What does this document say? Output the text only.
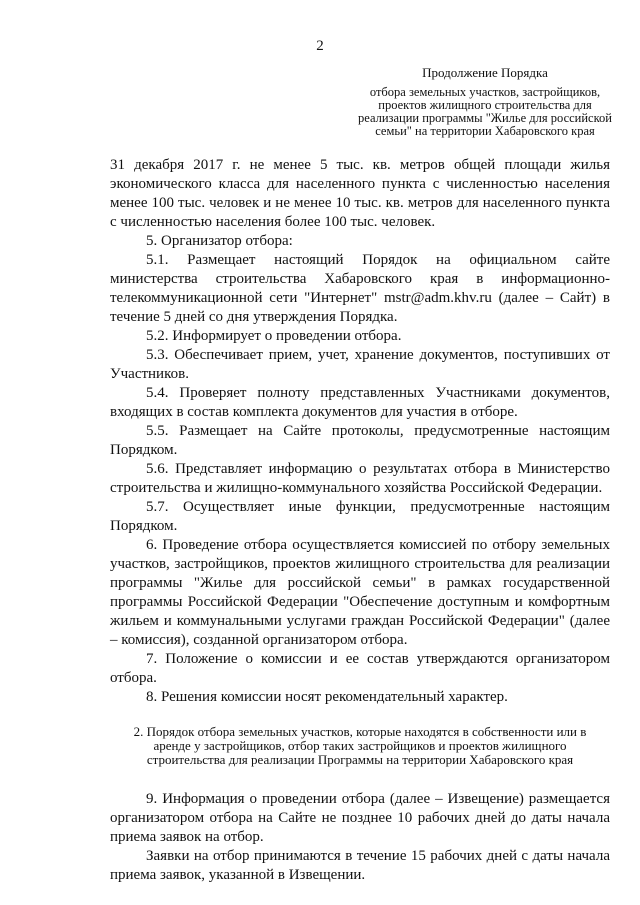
2
Продолжение Порядка
отбора земельных участков, застройщиков, проектов жилищного строительства для реализации программы "Жилье для российской семьи" на территории Хабаровского края

31 декабря 2017 г. не менее 5 тыс. кв. метров общей площади жилья экономического класса для населенного пункта с численностью населения менее 100 тыс. человек и не менее 10 тыс. кв. метров для населенного пункта с численностью населения более 100 тыс. человек.

5. Организатор отбора:

5.1. Размещает настоящий Порядок на официальном сайте министерства строительства Хабаровского края в информационно-телекоммуникационной сети "Интернет" mstr@adm.khv.ru (далее – Сайт) в течение 5 дней со дня утверждения Порядка.

5.2. Информирует о проведении отбора.

5.3. Обеспечивает прием, учет, хранение документов, поступивших от Участников.

5.4. Проверяет полноту представленных Участниками документов, входящих в состав комплекта документов для участия в отборе.

5.5. Размещает на Сайте протоколы, предусмотренные настоящим Порядком.

5.6. Представляет информацию о результатах отбора в Министерство строительства и жилищно-коммунального хозяйства Российской Федерации.

5.7. Осуществляет иные функции, предусмотренные настоящим Порядком.

6. Проведение отбора осуществляется комиссией по отбору земельных участков, застройщиков, проектов жилищного строительства для реализации программы "Жилье для российской семьи" в рамках государственной программы Российской Федерации "Обеспечение доступным и комфортным жильем и коммунальными услугами граждан Российской Федерации" (далее – комиссия), созданной организатором отбора.

7. Положение о комиссии и ее состав утверждаются организатором отбора.

8. Решения комиссии носят рекомендательный характер.

2. Порядок отбора земельных участков, которые находятся в собственности или в аренде у застройщиков, отбор таких застройщиков и проектов жилищного строительства для реализации Программы на территории Хабаровского края

9. Информация о проведении отбора (далее – Извещение) размещается организатором отбора на Сайте не позднее 10 рабочих дней до даты начала приема заявок на отбор.

Заявки на отбор принимаются в течение 15 рабочих дней с даты начала приема заявок, указанной в Извещении.
